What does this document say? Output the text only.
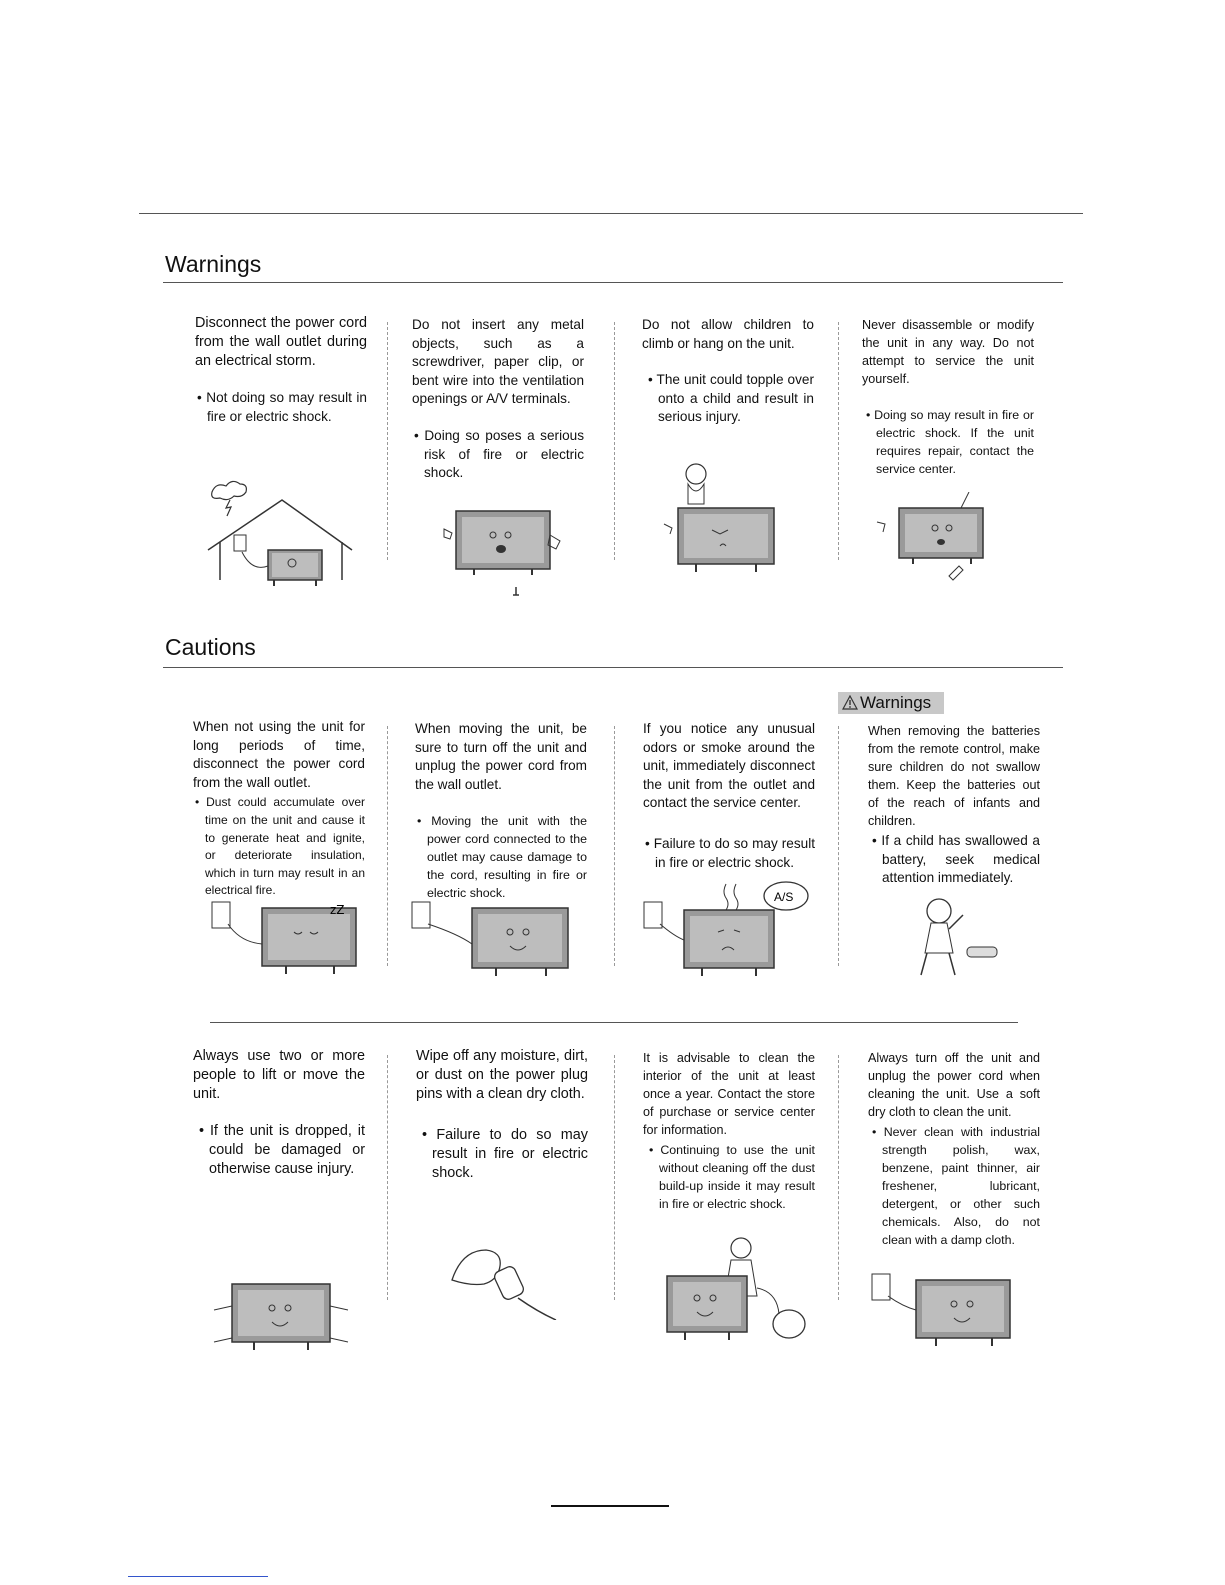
Warnings

Disconnect the power cord from the wall outlet during an electrical storm.

• Not doing so may result in fire or electric shock.

Do not insert any metal objects, such as a screwdriver, paper clip, or bent wire into the ventilation openings or A/V terminals.

• Doing so poses a serious risk of fire or electric shock.

Do not allow children to climb or hang on the unit.

• The unit could topple over onto a child and result in serious injury.

Never disassemble or modify the unit in any way. Do not attempt to service the unit yourself.

• Doing so may result in fire or electric shock. If the unit requires repair, contact the service center.

Cautions
Warnings

When not using the unit for long periods of time, disconnect the power cord from the wall outlet.

• Dust could accumulate over time on the unit and cause it to generate heat and ignite, or deteriorate insulation, which in turn may result in an electrical fire.

When moving the unit, be sure to turn off the unit and unplug the power cord from the wall outlet.

• Moving the unit with the power cord connected to the outlet may cause damage to the cord, resulting in fire or electric shock.

If you notice any unusual odors or smoke around the unit, immediately disconnect the unit from the outlet and contact the service center.

• Failure to do so may result in fire or electric shock.

When removing the batteries from the remote control, make sure children do not swallow them. Keep the batteries out of the reach of infants and children.

• If a child has swallowed a battery, seek medical attention immediately.

zZ
A/S

Always use two or more people to lift or move the unit.

• If the unit is dropped, it could be damaged or otherwise cause injury.

Wipe off any moisture, dirt, or dust on the power plug pins with a clean dry cloth.

• Failure to do so may result in fire or electric shock.

It is advisable to clean the interior of the unit at least once a year. Contact the store of purchase or service center for information.

• Continuing to use the unit without cleaning off the dust build-up inside it may result in fire or electric shock.

Always turn off the unit and unplug the power cord when cleaning the unit. Use a soft dry cloth to clean the unit.

• Never clean with industrial strength polish, wax, benzene, paint thinner, air freshener, lubricant, detergent, or other such chemicals. Also, do not clean with a damp cloth.
